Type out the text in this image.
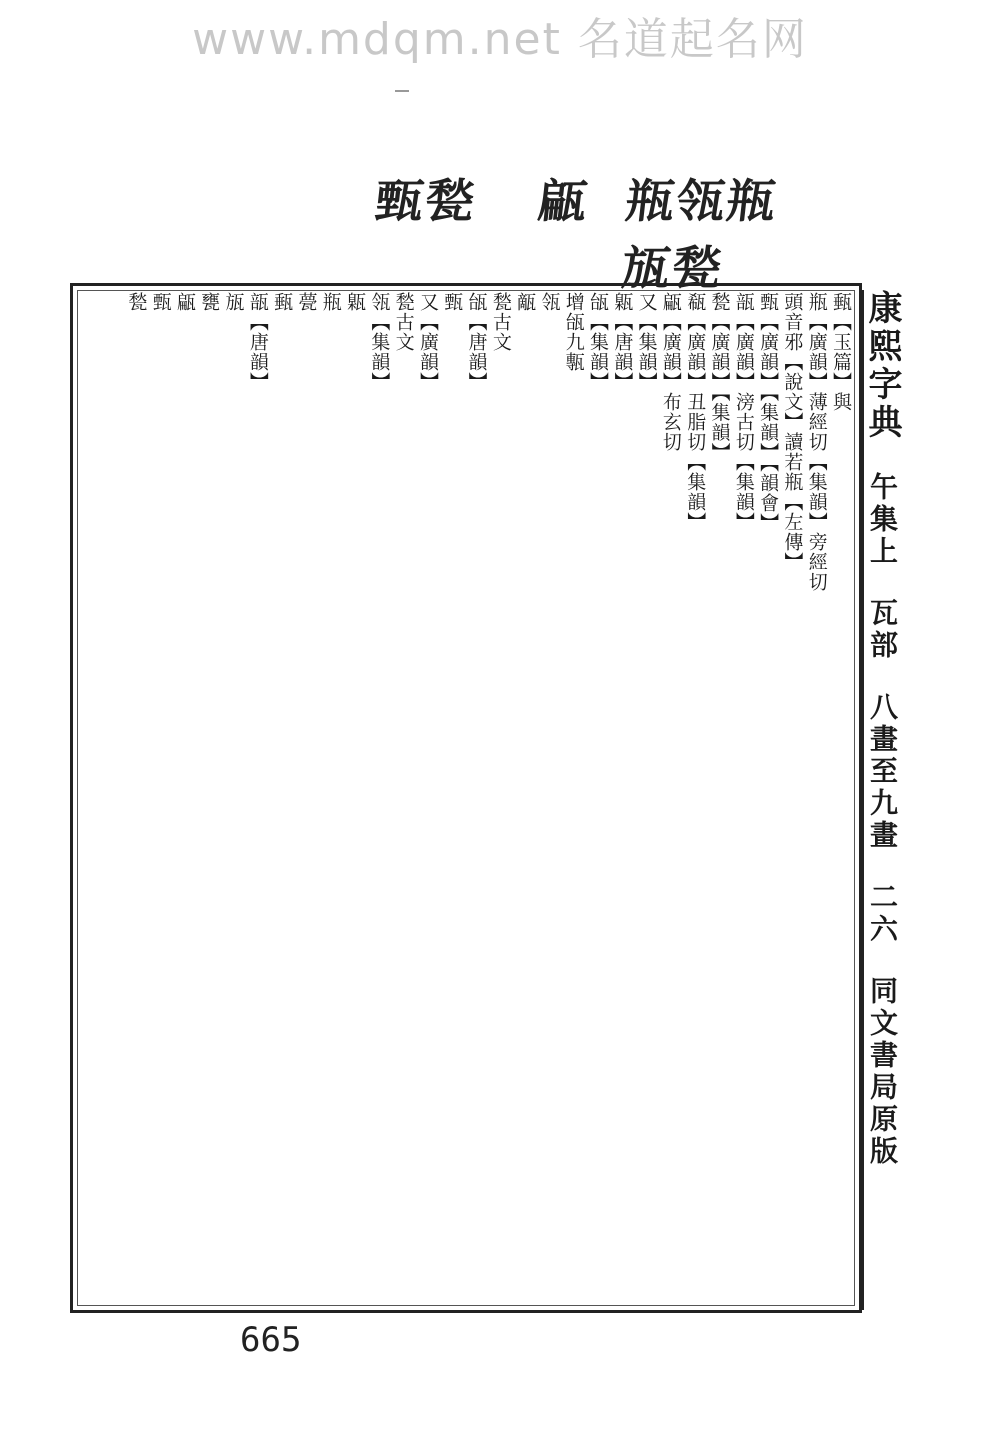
www.mdqm.net 名道起名网
甄甃 甂 瓶瓴瓶
瓬甃
甀【玉篇】與
瓶【廣韻】薄經切【集韻】旁經切
頭音邪【說文】讀若瓶【左傳】
甄【廣韻】【集韻】【韻會】
瓿【廣韻】滂古切【集韻】
甃【廣韻】【集韻】
瓻【廣韻】丑脂切【集韻】
甂【廣韻】布玄切
又【集韻】
甈【唐韻】
瓵【集韻】
增瓵九甎
瓴
甋
甃古文
瓵【唐韻】
甄
又【廣韻】
甃古文
瓴【集韻】
甈
瓶
甍
甀
瓿【唐韻】
瓬
甕
甂
甄
甃	康熙字典午集上瓦部八畫至九畫二六同文書局原版
665
